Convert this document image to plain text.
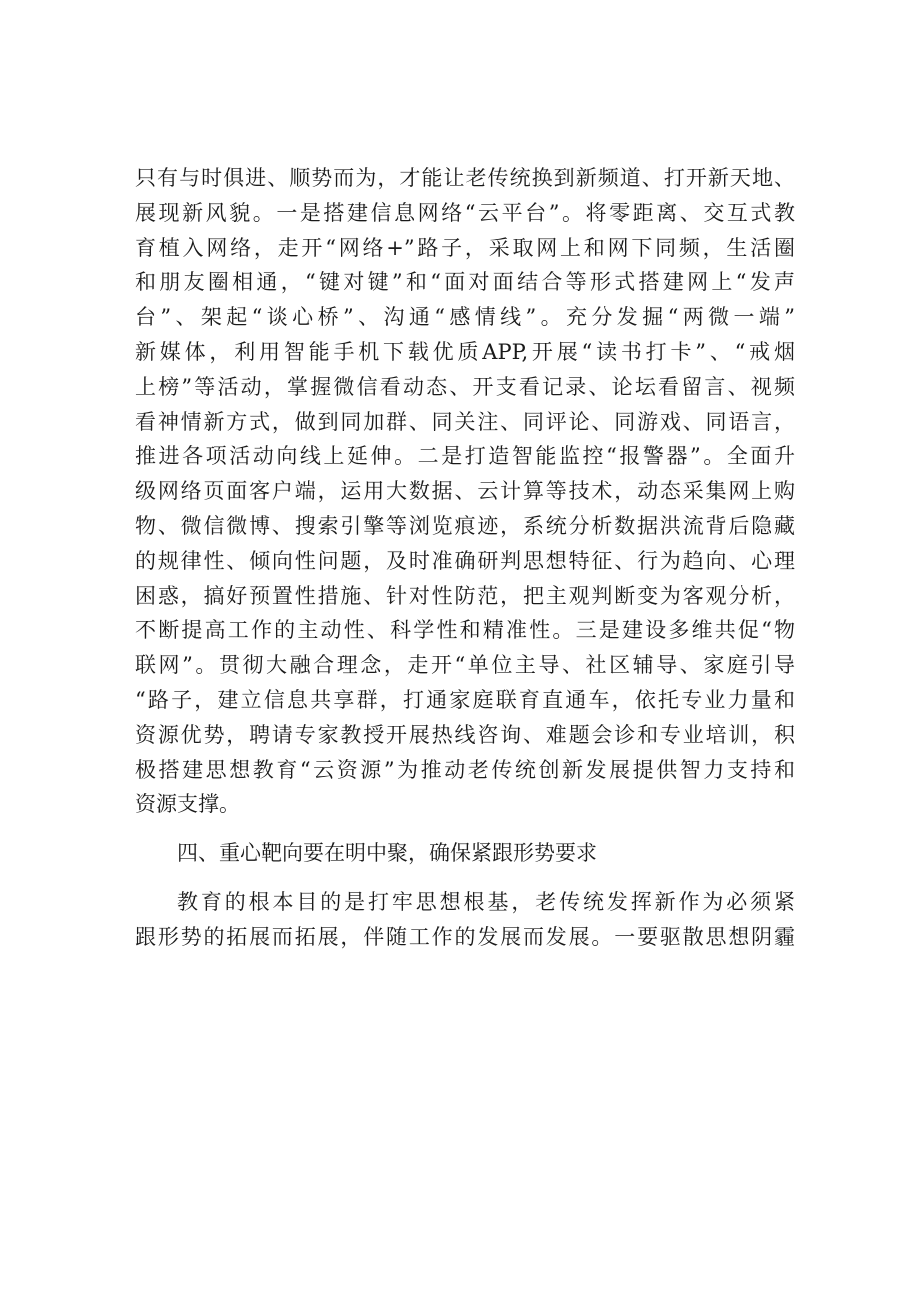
只有与时俱进、顺势而为，才能让老传统换到新频道、打开新天地、
展现新风貌。一是搭建信息网络“云平台”。将零距离、交互式教
育植入网络，走开“网络+”路子，采取网上和网下同频，生活圈
和朋友圈相通，“键对键”和“面对面结合等形式搭建网上“发声
台”、架起“谈心桥”、沟通“感情线”。充分发掘“两微一端”
新媒体，利用智能手机下载优质APP,开展“读书打卡”、“戒烟
上榜”等活动，掌握微信看动态、开支看记录、论坛看留言、视频
看神情新方式，做到同加群、同关注、同评论、同游戏、同语言，
推进各项活动向线上延伸。二是打造智能监控“报警器”。全面升
级网络页面客户端，运用大数据、云计算等技术，动态采集网上购
物、微信微博、搜索引擎等浏览痕迹，系统分析数据洪流背后隐藏
的规律性、倾向性问题，及时准确研判思想特征、行为趋向、心理
困惑，搞好预置性措施、针对性防范，把主观判断变为客观分析，
不断提高工作的主动性、科学性和精准性。三是建设多维共促“物
联网”。贯彻大融合理念，走开“单位主导、社区辅导、家庭引导
“路子，建立信息共享群，打通家庭联育直通车，依托专业力量和
资源优势，聘请专家教授开展热线咨询、难题会诊和专业培训，积
极搭建思想教育“云资源”为推动老传统创新发展提供智力支持和
资源支撑。
四、重心靶向要在明中聚，确保紧跟形势要求
教育的根本目的是打牢思想根基，老传统发挥新作为必须紧
跟形势的拓展而拓展，伴随工作的发展而发展。一要驱散思想阴霾
